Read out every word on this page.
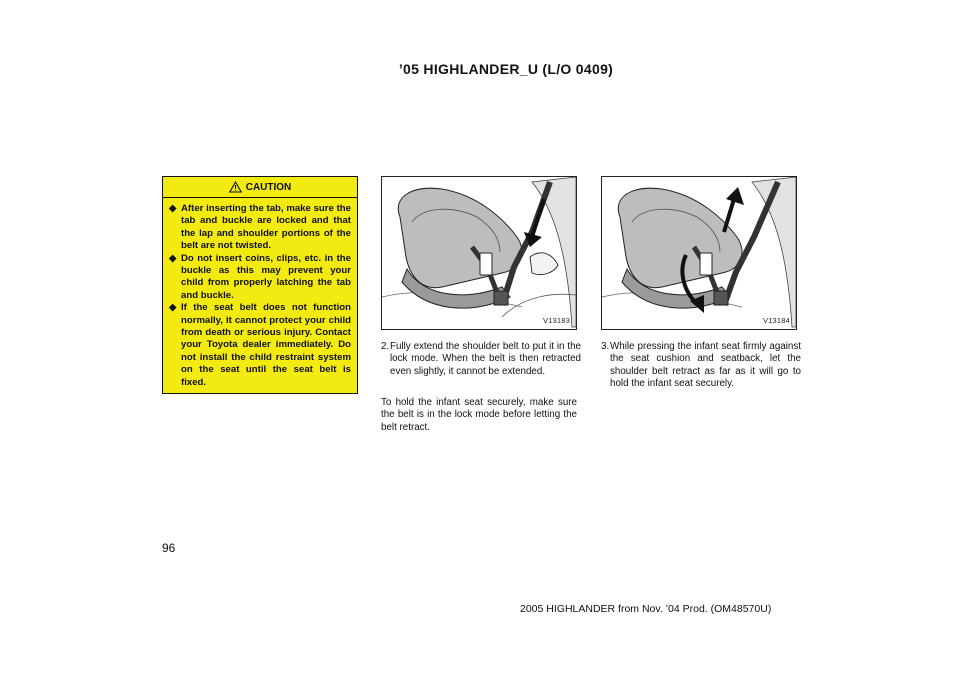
’05 HIGHLANDER_U (L/O 0409)
CAUTION
◆ After inserting the tab, make sure the tab and buckle are locked and that the lap and shoulder portions of the belt are not twisted.
◆ Do not insert coins, clips, etc. in the buckle as this may prevent your child from properly latching the tab and buckle.
◆ If the seat belt does not function normally, it cannot protect your child from death or serious injury. Contact your Toyota dealer immediately. Do not install the child restraint system on the seat until the seat belt is fixed.
V13183	V13184
2. Fully extend the shoulder belt to put it in the lock mode. When the belt is then retracted even slightly, it cannot be extended.
To hold the infant seat securely, make sure the belt is in the lock mode before letting the belt retract.
3. While pressing the infant seat firmly against the seat cushion and seatback, let the shoulder belt retract as far as it will go to hold the infant seat securely.
96
2005 HIGHLANDER from Nov. ’04 Prod. (OM48570U)
